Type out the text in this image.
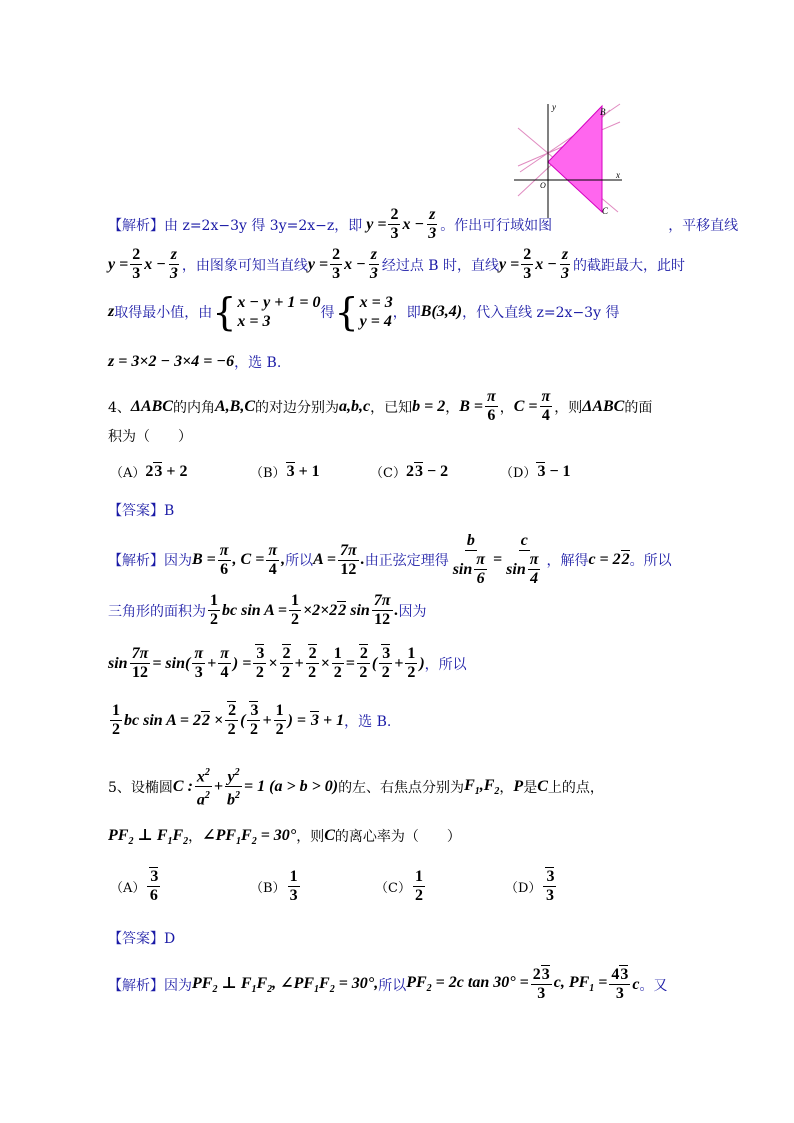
y
x
O
B
C
【解析】 由 z=2x−3y 得 3y=2x−z，即 $y = \frac{2}{3}$ $x - \frac{z}{3}$ 。作出可行域如图	，平移直线
$y = \frac{2}{3}$ $x - \frac{z}{3}$ ，由图象可知当直线 $y = \frac{2}{3}$ $x - \frac{z}{3}$ 经过点 B 时，直线 $y = \frac{2}{3}$ $x - \frac{z}{3}$ 的截距最大，此时
z 取得最小值，由 { x − y + 1 = 0
x = 3	得 { x = 3
y = 4 ，即 B(3,4) ，代入直线 z=2x−3y 得
z = 3×2 − 3×4 = −6 ，选 B.
4、 ΔABC 的内角 A,B,C 的对边分别为 a,b,c ，已知 b = 2 ， $B = \frac{\pi}{6}$ ， $C = \frac{\pi}{4}$ ，则 ΔABC 的面
积为（　　）
（A） 23 + 2	（B） 3 + 1	（C） 23 − 2	（D） 3 − 1
【答案】B
【解析】 因为 $B = \frac{\pi}{6}$ , $C = \frac{\pi}{4}$ , 所以 $A = \frac{7\pi}{12}$ . 由正弦定理得 $\frac{b}{\sin \frac{\pi}{6}} = \frac{c}{\sin \frac{\pi}{4}}$ ，解得 c = 22 。所以
三角形的面积为 $\frac{1}{2}$ bc $\sin A = \frac{1}{2} \times 2\times 22$ $\sin \frac{7\pi}{12}$ . 因为
$\sin \frac{7\pi}{12} = \sin( \frac{\pi}{3} + \frac{\pi}{4}$ ) = $\frac{3}{2} \times \frac{2}{2} + \frac{2}{2} \times \frac{1}{2} = \frac{2}{2}$ ( $\frac{3}{2} + \frac{1}{2}$ ) ，所以
$\frac{1}{2}$ bc $\sin A = 22 \times \frac{2}{2}$ ( $\frac{3}{2} + \frac{1}{2}$ ) = 3 + 1 ，选 B.
5、 设椭圆 C : $\frac{x^2}{a^2} + \frac{y^2}{b^2} = 1$ (a > b > 0) 的左、右焦点分别为 $F_1,F_2$ ， P 是 C 上的点，
$PF_2$ ⊥ $F_1F_2$ ， $\angle PF_1F_2 = 30^\circ$ ，则 C 的离心率为（　　）
$(A) \frac{3}{6}$	$(B) \frac{1}{3}$	$(C) \frac{1}{2}$	$(D) \frac{3}{3}$
【答案】D
【解析】 因为 $PF_2$ ⊥ $F_1F_2$, $\angle PF_1F_2 = 30^\circ$, 所以 $PF_2 = 2c$ $\tan 30^\circ = \frac{23}{3} c$, $PF_1 = \frac{43}{3}$ c 。又
